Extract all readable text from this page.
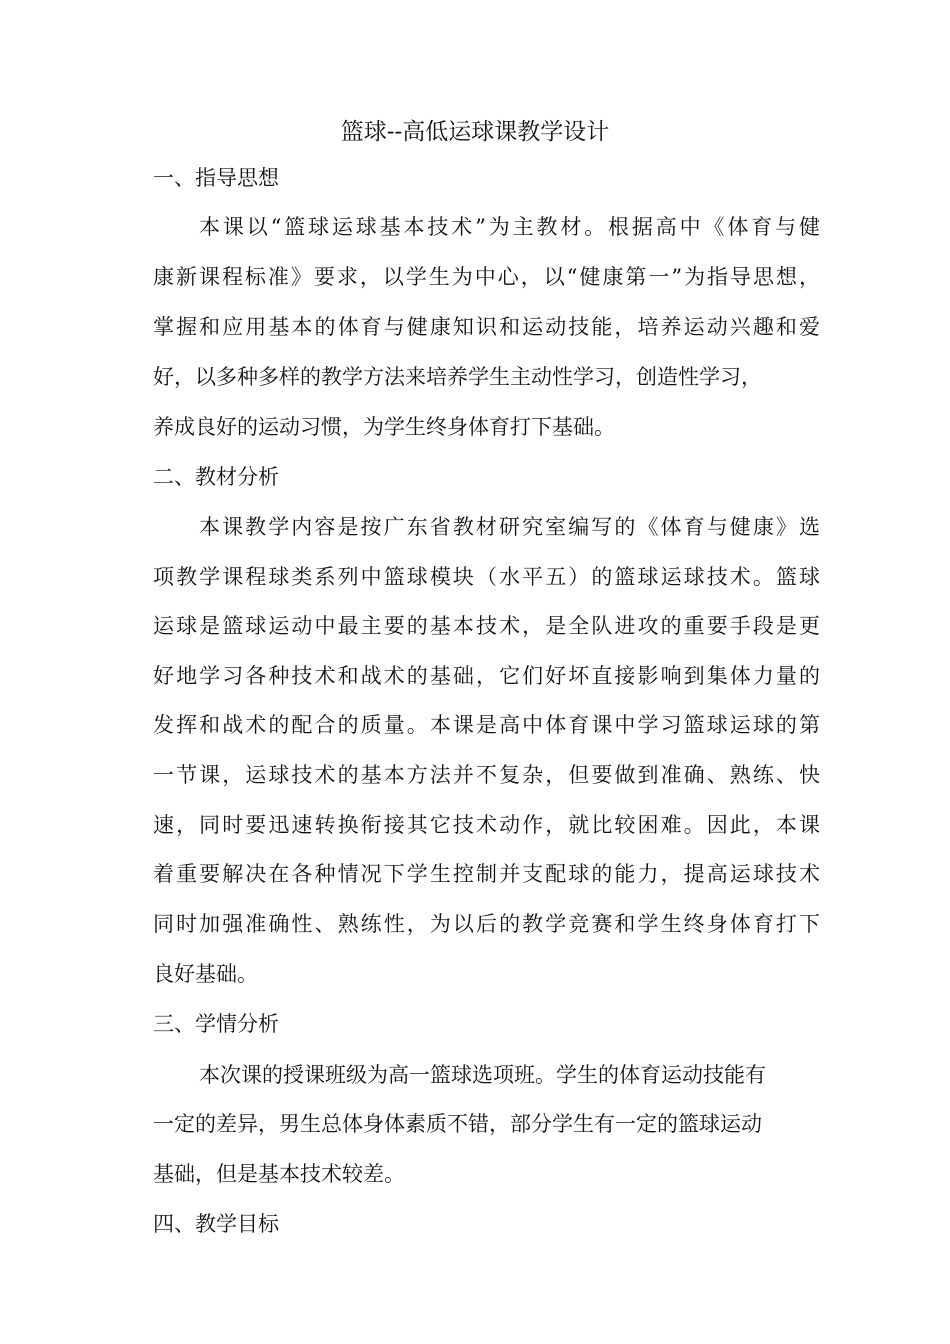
篮球--高低运球课教学设计
一、指导思想

本课以“篮球运球基本技术”为主教材。根据高中《体育与健

康新课程标准》要求，以学生为中心，以“健康第一”为指导思想，

掌握和应用基本的体育与健康知识和运动技能，培养运动兴趣和爱

好，以多种多样的教学方法来培养学生主动性学习，创造性学习，

养成良好的运动习惯，为学生终身体育打下基础。

二、教材分析

本课教学内容是按广东省教材研究室编写的《体育与健康》选

项教学课程球类系列中篮球模块（水平五）的篮球运球技术。篮球

运球是篮球运动中最主要的基本技术，是全队进攻的重要手段是更

好地学习各种技术和战术的基础，它们好坏直接影响到集体力量的

发挥和战术的配合的质量。本课是高中体育课中学习篮球运球的第

一节课，运球技术的基本方法并不复杂，但要做到准确、熟练、快

速，同时要迅速转换衔接其它技术动作，就比较困难。因此，本课

着重要解决在各种情况下学生控制并支配球的能力，提高运球技术

同时加强准确性、熟练性，为以后的教学竞赛和学生终身体育打下

良好基础。

三、学情分析

本次课的授课班级为高一篮球选项班。学生的体育运动技能有

一定的差异，男生总体身体素质不错，部分学生有一定的篮球运动

基础，但是基本技术较差。

四、教学目标
